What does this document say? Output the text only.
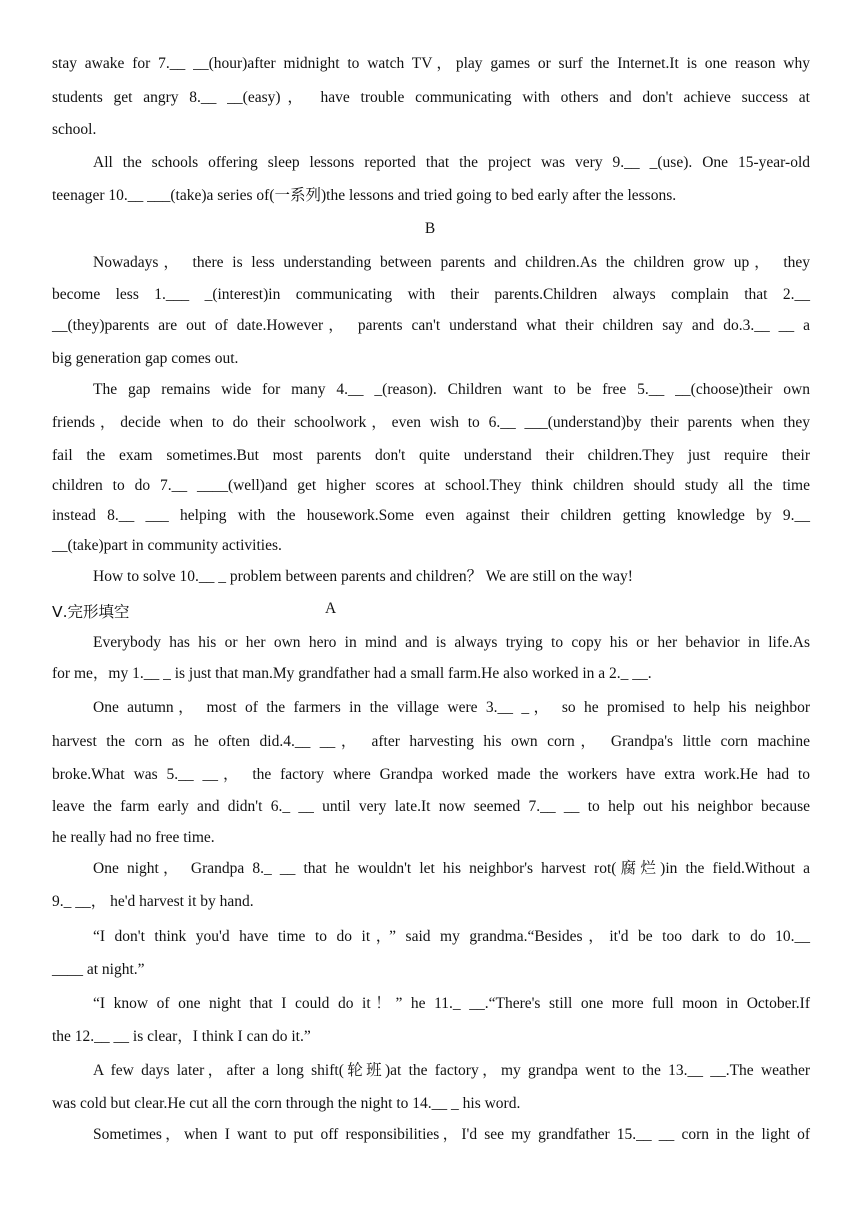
stay awake for 7.__ __(hour)after midnight to watch TV，play games or surf the Internet.It is one reason why
students get angry 8.__ __(easy)， have trouble communicating with others and don't achieve success at
school.
All the schools offering sleep lessons reported that the project was very 9.__ _(use). One 15-year-old
teenager 10.__ ___(take)a series of(一系列)the lessons and tried going to bed early after the lessons.
B
Nowadays， there is less understanding between parents and children.As the children grow up， they
become less 1.___ _(interest)in communicating with their parents.Children always complain that 2.__
__(they)parents are out of date.However， parents can't understand what their children say and do.3.__ __ a
big generation gap comes out.
The gap remains wide for many 4.__ _(reason). Children want to be free 5.__ __(choose)their own
friends，decide when to do their schoolwork，even wish to 6.__ ___(understand)by their parents when they
fail the exam sometimes.But most parents don't quite understand their children.They just require their
children to do 7.__ ____(well)and get higher scores at school.They think children should study all the time
instead 8.__ ___ helping with the housework.Some even against their children getting knowledge by 9.__
__(take)part in community activities.
How to solve 10.__ _ problem between parents and children？ We are still on the way!
Ⅴ.完形填空	A
Everybody has his or her own hero in mind and is always trying to copy his or her behavior in life.As
for me，my 1.__ _ is just that man.My grandfather had a small farm.He also worked in a 2._ __.
One autumn， most of the farmers in the village were 3.__ _， so he promised to help his neighbor
harvest the corn as he often did.4.__ __， after harvesting his own corn， Grandpa's little corn machine
broke.What was 5.__ __， the factory where Grandpa worked made the workers have extra work.He had to
leave the farm early and didn't 6._ __ until very late.It now seemed 7.__ __ to help out his neighbor because
he really had no free time.
One night， Grandpa 8._ __ that he wouldn't let his neighbor's harvest rot(腐烂)in the field.Without a
9._ __， he'd harvest it by hand.
“I don't think you'd have time to do it，” said my grandma.“Besides，it'd be too dark to do 10.__
____ at night.”
“I know of one night that I could do it！” he 11._ __.“There's still one more full moon in October.If
the 12.__ __ is clear，I think I can do it.”
A few days later，after a long shift(轮班)at the factory，my grandpa went to the 13.__ __.The weather
was cold but clear.He cut all the corn through the night to 14.__ _ his word.
Sometimes，when I want to put off responsibilities，I'd see my grandfather 15.__ __ corn in the light of
